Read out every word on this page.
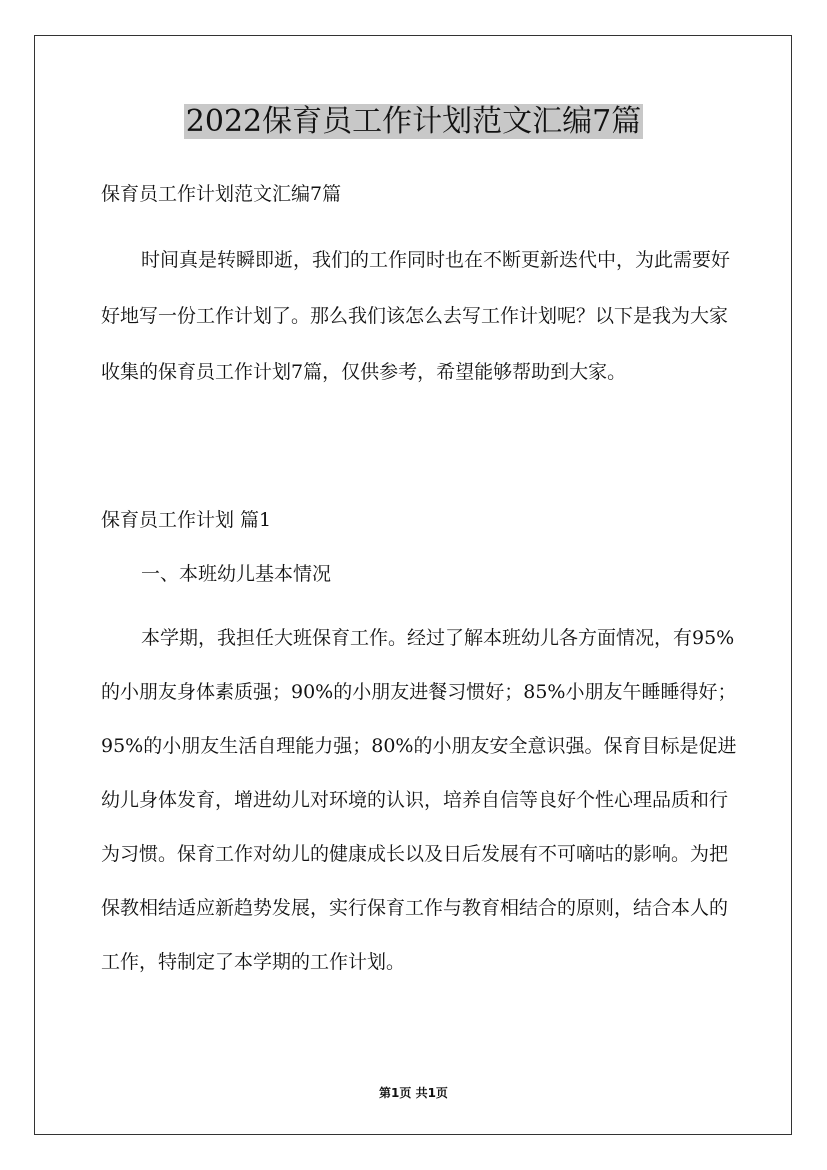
2022保育员工作计划范文汇编7篇

保育员工作计划范文汇编7篇

时间真是转瞬即逝，我们的工作同时也在不断更新迭代中，为此需要好好地写一份工作计划了。那么我们该怎么去写工作计划呢？以下是我为大家收集的保育员工作计划7篇，仅供参考，希望能够帮助到大家。

保育员工作计划 篇1

一、本班幼儿基本情况

本学期，我担任大班保育工作。经过了解本班幼儿各方面情况，有95%的小朋友身体素质强；90%的小朋友进餐习惯好；85%小朋友午睡睡得好；95%的小朋友生活自理能力强；80%的小朋友安全意识强。保育目标是促进幼儿身体发育，增进幼儿对环境的认识，培养自信等良好个性心理品质和行为习惯。保育工作对幼儿的健康成长以及日后发展有不可嘀咕的影响。为把保教相结适应新趋势发展，实行保育工作与教育相结合的原则，结合本人的工作，特制定了本学期的工作计划。

第1页 共1页
